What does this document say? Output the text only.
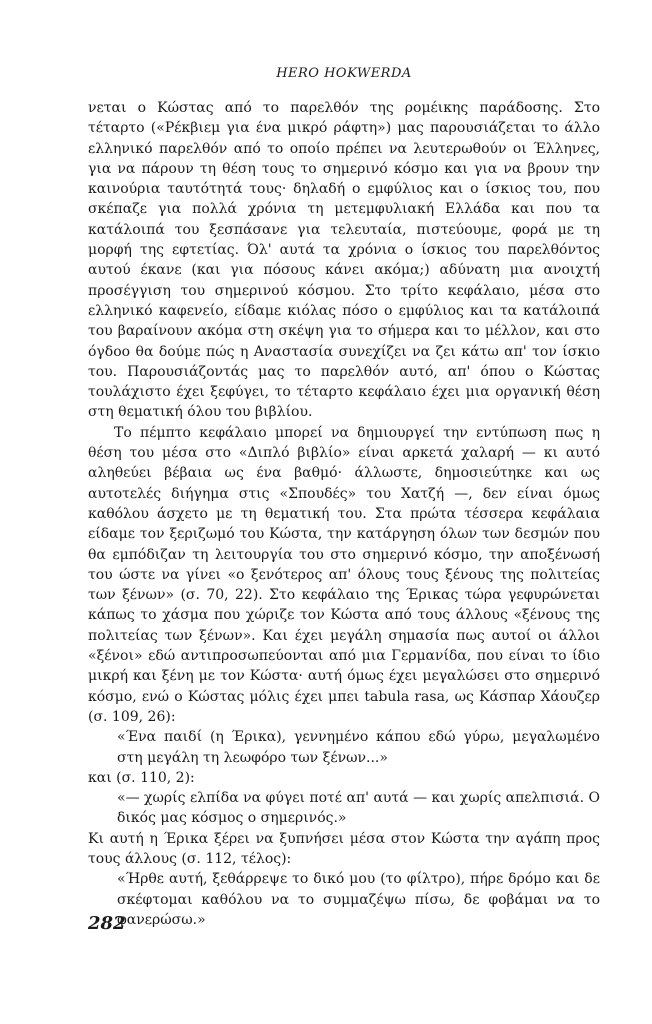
HERO HOKWERDA

νεται ο Κώστας από το παρελθόν της ρομέικης παράδοσης. Στο τέταρτο («Ρέκβιεμ για ένα μικρό ράφτη») μας παρουσιάζεται το άλλο ελληνικό παρελθόν από το οποίο πρέπει να λευτερωθούν οι Έλληνες, για να πάρουν τη θέση τους το σημερινό κόσμο και για να βρουν την καινούρια ταυτότητά τους· δηλαδή ο εμφύλιος και ο ίσκιος του, που σκέπαζε για πολλά χρόνια τη μετεμφυλιακή Ελλάδα και που τα κατάλοιπά του ξεσπάσανε για τελευταία, πιστεύουμε, φορά με τη μορφή της εφτετίας. Όλ' αυτά τα χρόνια ο ίσκιος του παρελθόντος αυτού έκανε (και για πόσους κάνει ακόμα;) αδύνατη μια ανοιχτή προσέγγιση του σημερινού κόσμου. Στο τρίτο κεφάλαιο, μέσα στο ελληνικό καφενείο, είδαμε κιόλας πόσο ο εμφύλιος και τα κατάλοιπά του βαραίνουν ακόμα στη σκέψη για το σήμερα και το μέλλον, και στο όγδοο θα δούμε πώς η Αναστασία συνεχίζει να ζει κάτω απ' τον ίσκιο του. Παρουσιάζοντάς μας το παρελθόν αυτό, απ' όπου ο Κώστας τουλάχιστο έχει ξεφύγει, το τέταρτο κεφάλαιο έχει μια οργανική θέση στη θεματική όλου του βιβλίου.

Το πέμπτο κεφάλαιο μπορεί να δημιουργεί την εντύπωση πως η θέση του μέσα στο «Διπλό βιβλίο» είναι αρκετά χαλαρή — κι αυτό αληθεύει βέβαια ως ένα βαθμό· άλλωστε, δημοσιεύτηκε και ως αυτοτελές διήγημα στις «Σπουδές» του Χατζή —, δεν είναι όμως καθόλου άσχετο με τη θεματική του. Στα πρώτα τέσσερα κεφάλαια είδαμε τον ξεριζωμό του Κώστα, την κατάργηση όλων των δεσμών που θα εμπόδιζαν τη λειτουργία του στο σημερινό κόσμο, την αποξένωσή του ώστε να γίνει «ο ξενότερος απ' όλους τους ξένους της πολιτείας των ξένων» (σ. 70, 22). Στο κεφάλαιο της Έρικας τώρα γεφυρώνεται κάπως το χάσμα που χώριζε τον Κώστα από τους άλλους «ξένους της πολιτείας των ξένων». Και έχει μεγάλη σημασία πως αυτοί οι άλλοι «ξένοι» εδώ αντιπροσωπεύονται από μια Γερμανίδα, που είναι το ίδιο μικρή και ξένη με τον Κώστα· αυτή όμως έχει μεγαλώσει στο σημερινό κόσμο, ενώ ο Κώστας μόλις έχει μπει tabula rasa, ως Κάσπαρ Χάουζερ (σ. 109, 26):

«Ένα παιδί (η Έρικα), γεννημένο κάπου εδώ γύρω, μεγαλωμένο στη μεγάλη τη λεωφόρο των ξένων...»

και (σ. 110, 2):

«— χωρίς ελπίδα να φύγει ποτέ απ' αυτά — και χωρίς απελπισιά. Ο δικός μας κόσμος ο σημερινός.»

Κι αυτή η Έρικα ξέρει να ξυπνήσει μέσα στον Κώστα την αγάπη προς τους άλλους (σ. 112, τέλος):

«Ήρθε αυτή, ξεθάρρεψε το δικό μου (το φίλτρο), πήρε δρόμο και δε σκέφτομαι καθόλου να το συμμαζέψω πίσω, δε φοβάμαι να το φανερώσω.»

282
